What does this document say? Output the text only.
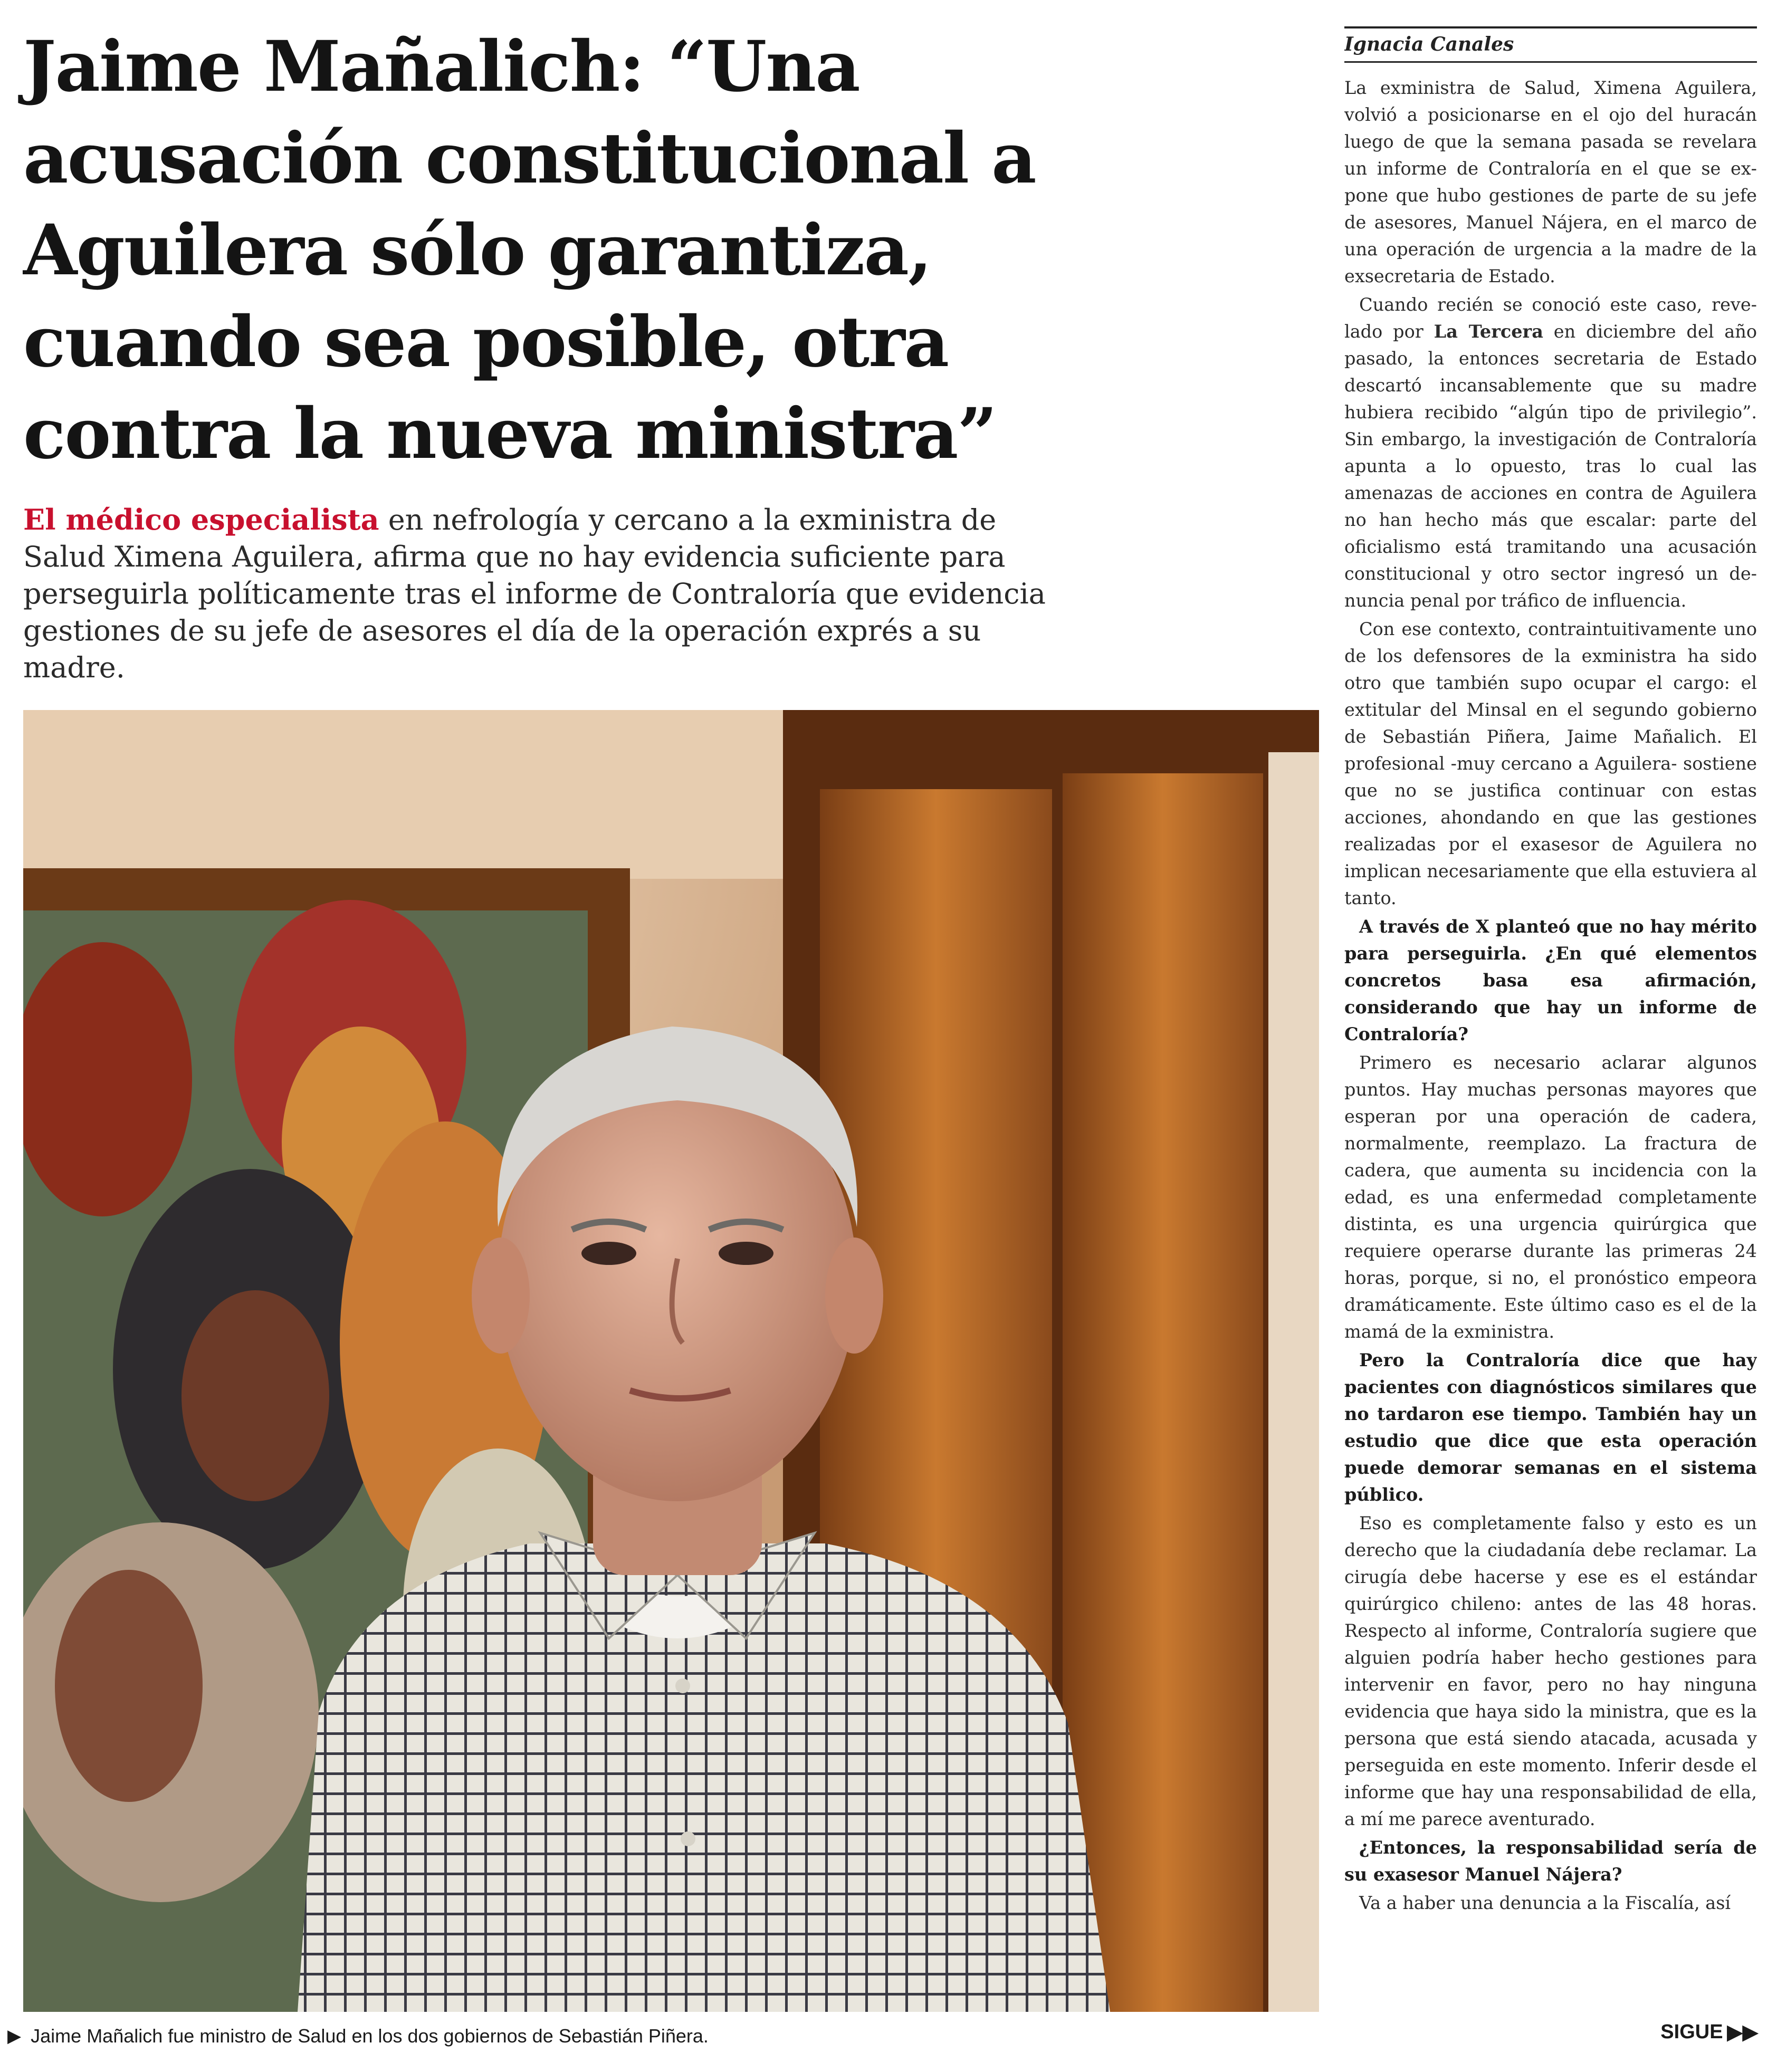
Jaime Mañalich: “Una acusación constitucional a Aguilera sólo garantiza, cuando sea posible, otra contra la nueva ministra”

El médico especialista en nefrología y cercano a la exministra de Salud Ximena Aguilera, afirma que no hay evidencia suficiente para perseguirla políticamente tras el informe de Contraloría que evidencia gestiones de su jefe de asesores el día de la operación exprés a su madre.

▶ Jaime Mañalich fue ministro de Salud en los dos gobiernos de Sebastián Piñera.
Ignacia Canales

La exministra de Salud, Ximena Aguilera, volvió a posicionarse en el ojo del huracán luego de que la semana pasada se revelara un informe de Contraloría en el que se expone que hubo gestiones de parte de su jefe de asesores, Manuel Nájera, en el marco de una operación de urgencia a la madre de la exsecretaria de Estado.

Cuando recién se conoció este caso, revelado por La Tercera en diciembre del año pasado, la entonces secretaria de Estado descartó incansablemente que su madre hubiera recibido “algún tipo de privilegio”. Sin embargo, la investigación de Contraloría apunta a lo opuesto, tras lo cual las amenazas de acciones en contra de Aguilera no han hecho más que escalar: parte del oficialismo está tramitando una acusación constitucional y otro sector ingresó un denuncia penal por tráfico de influencia.

Con ese contexto, contraintuitivamente uno de los defensores de la exministra ha sido otro que también supo ocupar el cargo: el extitular del Minsal en el segundo gobierno de Sebastián Piñera, Jaime Mañalich. El profesional -muy cercano a Aguilera- sostiene que no se justifica continuar con estas acciones, ahondando en que las gestiones realizadas por el exasesor de Aguilera no implican necesariamente que ella estuviera al tanto.

A través de X planteó que no hay mérito para perseguirla. ¿En qué elementos concretos basa esa afirmación, considerando que hay un informe de Contraloría?

Primero es necesario aclarar algunos puntos. Hay muchas personas mayores que esperan por una operación de cadera, normalmente, reemplazo. La fractura de cadera, que aumenta su incidencia con la edad, es una enfermedad completamente distinta, es una urgencia quirúrgica que requiere operarse durante las primeras 24 horas, porque, si no, el pronóstico empeora dramáticamente. Este último caso es el de la mamá de la exministra.

Pero la Contraloría dice que hay pacientes con diagnósticos similares que no tardaron ese tiempo. También hay un estudio que dice que esta operación puede demorar semanas en el sistema público.

Eso es completamente falso y esto es un derecho que la ciudadanía debe reclamar. La cirugía debe hacerse y ese es el estándar quirúrgico chileno: antes de las 48 horas. Respecto al informe, Contraloría sugiere que alguien podría haber hecho gestiones para intervenir en favor, pero no hay ninguna evidencia que haya sido la ministra, que es la persona que está siendo atacada, acusada y perseguida en este momento. Inferir desde el informe que hay una responsabilidad de ella, a mí me parece aventurado.

¿Entonces, la responsabilidad sería de su exasesor Manuel Nájera?

Va a haber una denuncia a la Fiscalía, así

SIGUE ▶▶
